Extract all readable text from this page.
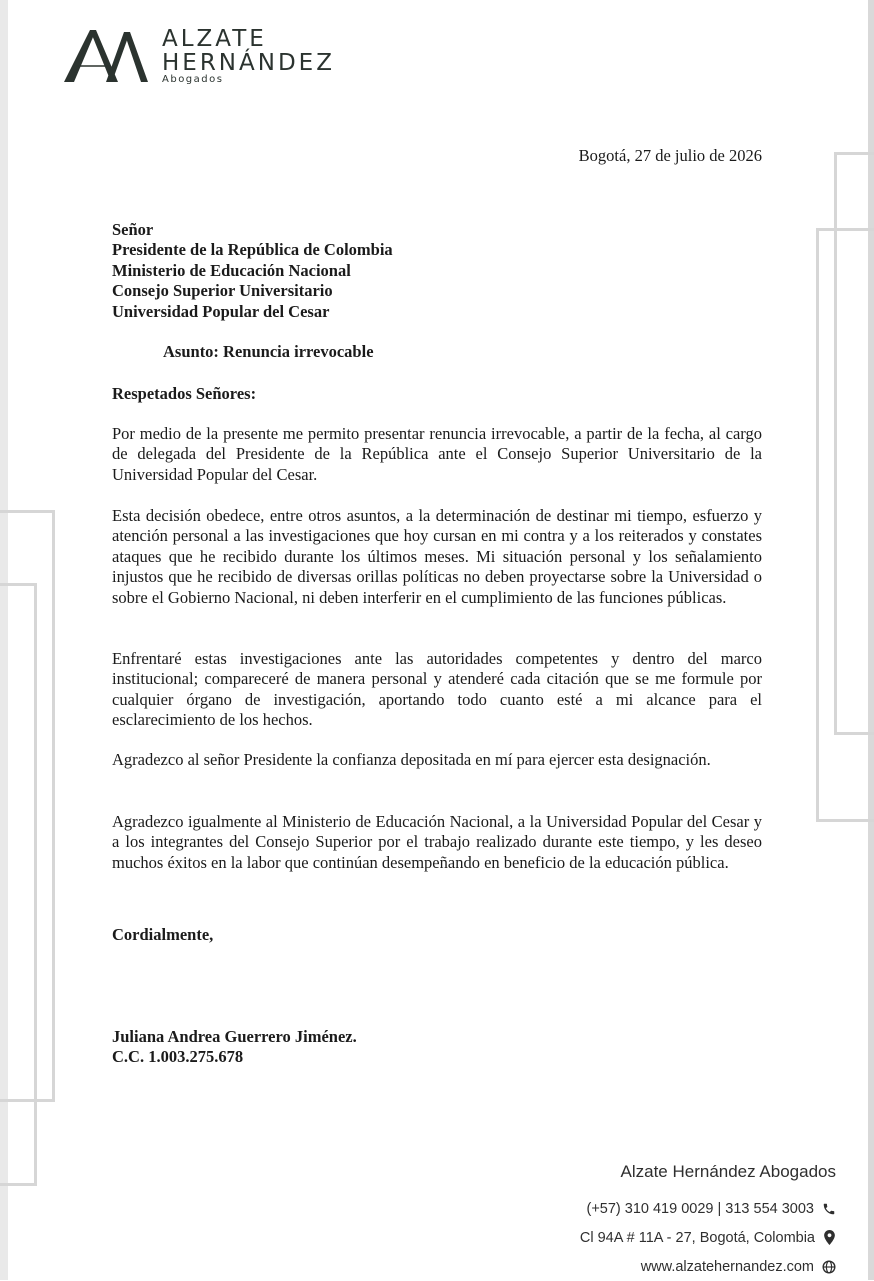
ALZATE
HERNÁNDEZ
Abogados
Bogotá, 27 de julio de 2026
Señor
Presidente de la República de Colombia
Ministerio de Educación Nacional
Consejo Superior Universitario
Universidad Popular del Cesar
Asunto: Renuncia irrevocable
Respetados Señores:
Por medio de la presente me permito presentar renuncia irrevocable, a partir de la fecha, al cargo de delegada del Presidente de la República ante el Consejo Superior Universitario de la Universidad Popular del Cesar.
Esta decisión obedece, entre otros asuntos, a la determinación de destinar mi tiempo, esfuerzo y atención personal a las investigaciones que hoy cursan en mi contra y a los reiterados y constates ataques que he recibido durante los últimos meses. Mi situación personal y los señalamiento injustos que he recibido de diversas orillas políticas no deben proyectarse sobre la Universidad o sobre el Gobierno Nacional, ni deben interferir en el cumplimiento de las funciones públicas.
Enfrentaré estas investigaciones ante las autoridades competentes y dentro del marco institucional; compareceré de manera personal y atenderé cada citación que se me formule por cualquier órgano de investigación, aportando todo cuanto esté a mi alcance para el esclarecimiento de los hechos.
Agradezco al señor Presidente la confianza depositada en mí para ejercer esta designación.
Agradezco igualmente al Ministerio de Educación Nacional, a la Universidad Popular del Cesar y a los integrantes del Consejo Superior por el trabajo realizado durante este tiempo, y les deseo muchos éxitos en la labor que continúan desempeñando en beneficio de la educación pública.
Cordialmente,
Juliana Andrea Guerrero Jiménez.
C.C. 1.003.275.678
Alzate Hernández Abogados
(+57) 310 419 0029 | 313 554 3003
Cl 94A # 11A - 27, Bogotá, Colombia
www.alzatehernandez.com
